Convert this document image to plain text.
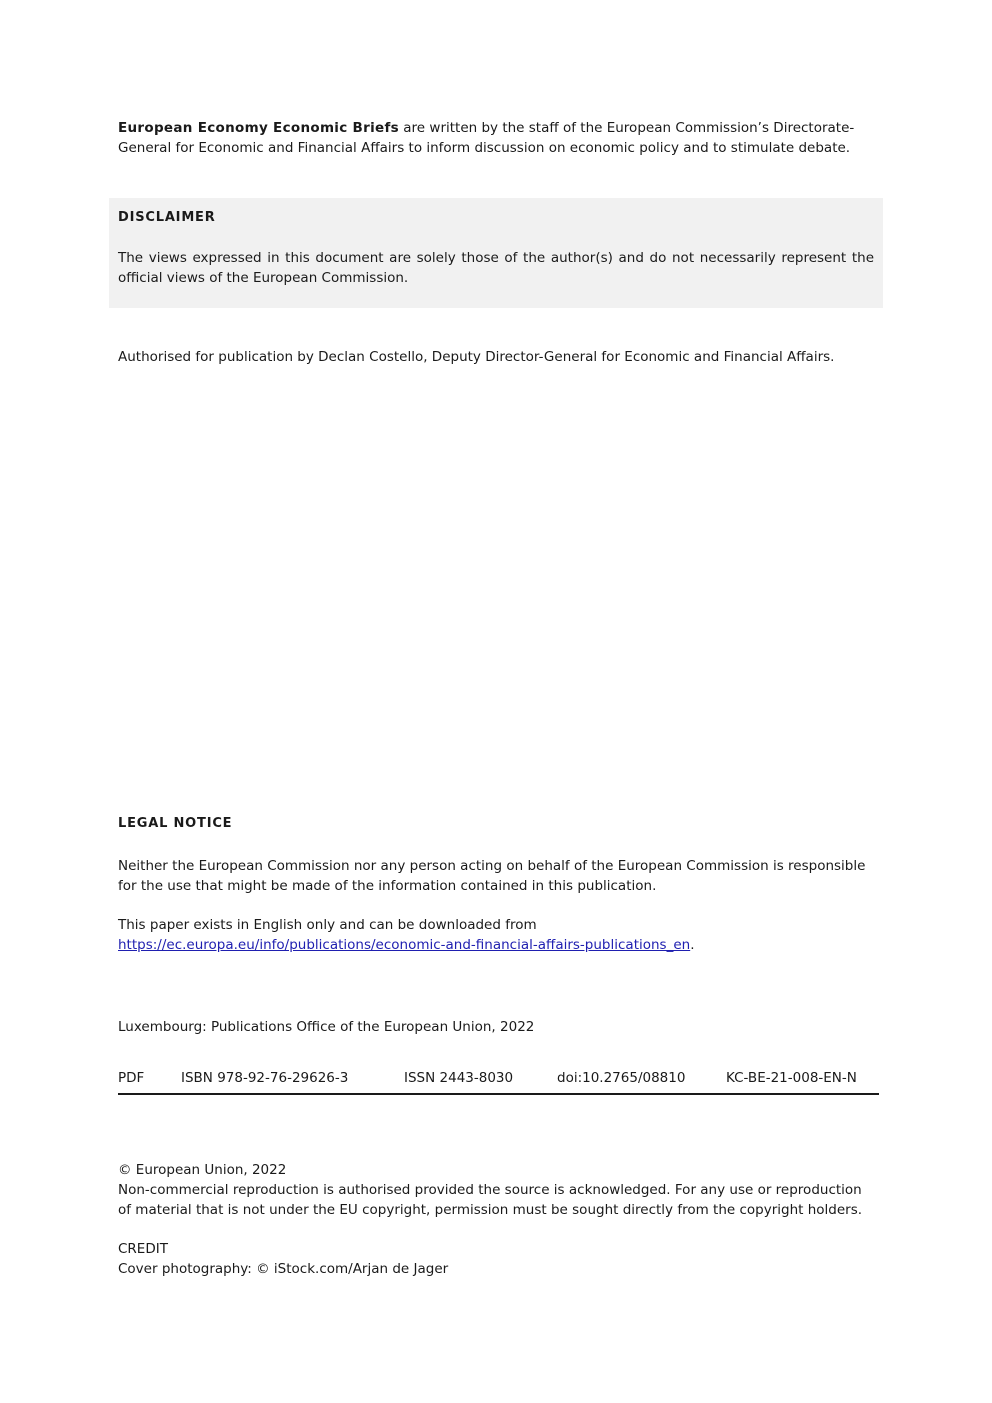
European Economy Economic Briefs are written by the staff of the European Commission’s Directorate-
General for Economic and Financial Affairs to inform discussion on economic policy and to stimulate debate.
DISCLAIMER
The views expressed in this document are solely those of the author(s) and do not necessarily represent the official views of the European Commission.
Authorised for publication by Declan Costello, Deputy Director-General for Economic and Financial Affairs.
LEGAL NOTICE
Neither the European Commission nor any person acting on behalf of the European Commission is responsible
for the use that might be made of the information contained in this publication.
This paper exists in English only and can be downloaded from
https://ec.europa.eu/info/publications/economic-and-financial-affairs-publications_en.
Luxembourg: Publications Office of the European Union, 2022
PDF	ISBN 978-92-76-29626-3	ISSN 2443-8030	doi:10.2765/08810	KC-BE-21-008-EN-N
© European Union, 2022
Non-commercial reproduction is authorised provided the source is acknowledged. For any use or reproduction
of material that is not under the EU copyright, permission must be sought directly from the copyright holders.
CREDIT
Cover photography: © iStock.com/Arjan de Jager
